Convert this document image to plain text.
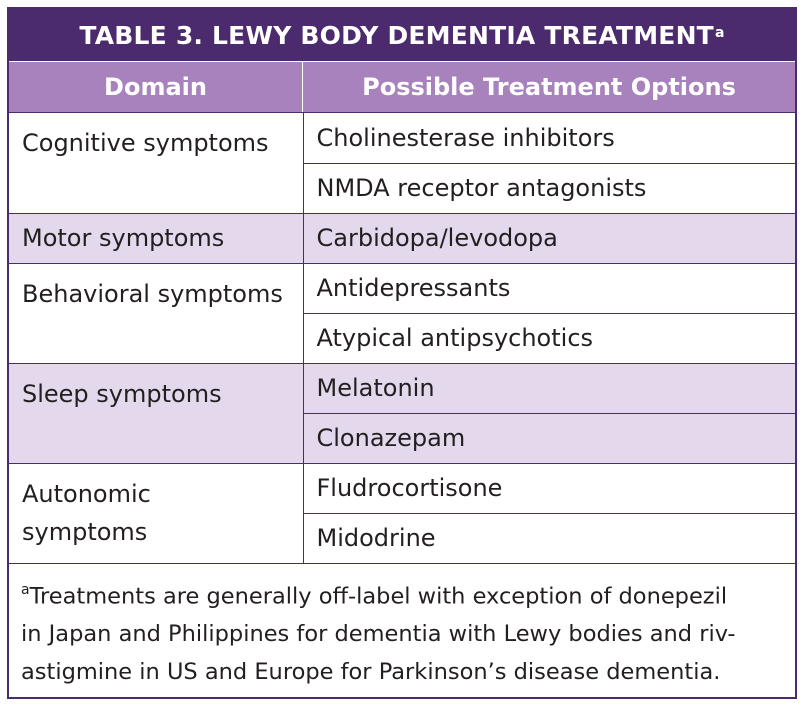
TABLE 3. LEWY BODY DEMENTIA TREATMENT$^a$
Domain	Possible Treatment Options
Cognitive symptoms	Cholinesterase inhibitors
	NMDA receptor antagonists
Motor symptoms	Carbidopa/levodopa
Behavioral symptoms	Antidepressants
	Atypical antipsychotics
Sleep symptoms	Melatonin
	Clonazepam
Autonomic
symptoms	Fludrocortisone
	Midodrine
$^a$Treatments are generally off-label with exception of donepezil
in Japan and Philippines for dementia with Lewy bodies and riv-
astigmine in US and Europe for Parkinson’s disease dementia.
